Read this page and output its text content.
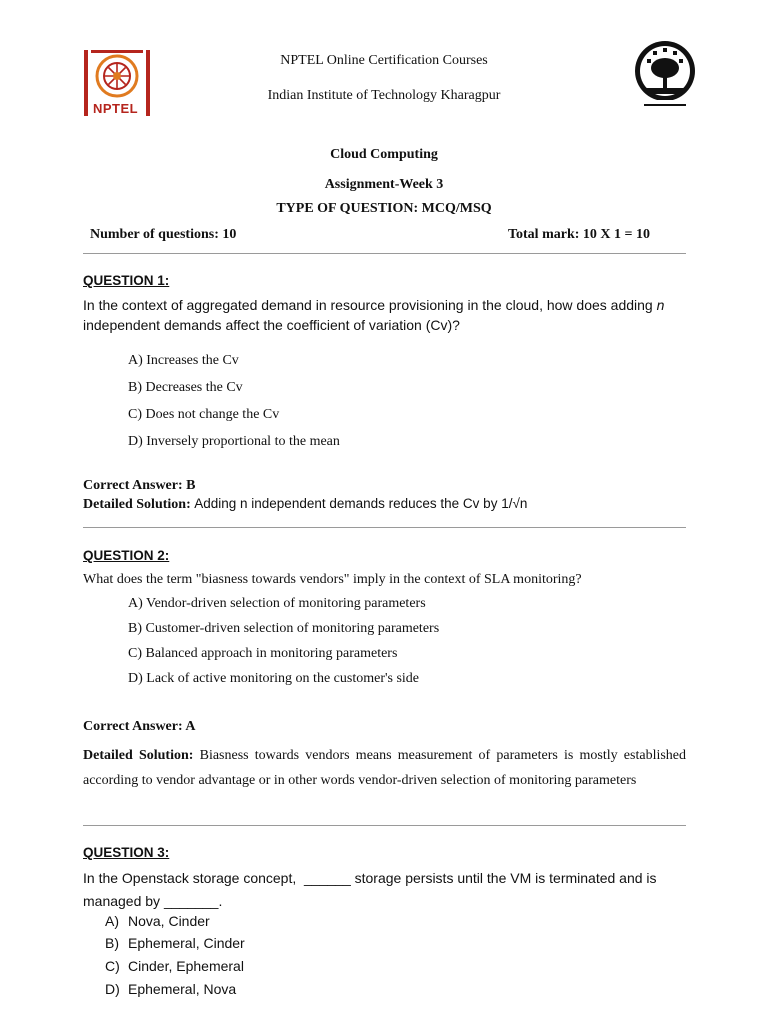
NPTEL
NPTEL Online Certification Courses
Indian Institute of Technology Kharagpur
Cloud Computing
Assignment-Week 3
TYPE OF QUESTION: MCQ/MSQ
Number of questions: 10	Total mark: 10 X 1 = 10
QUESTION 1:
In the context of aggregated demand in resource provisioning in the cloud, how does adding n
independent demands affect the coefficient of variation (Cv)?
A) Increases the Cv
B) Decreases the Cv
C) Does not change the Cv
D) Inversely proportional to the mean
Correct Answer: B
Detailed Solution: Adding n independent demands reduces the Cv by 1/√n
QUESTION 2:
What does the term "biasness towards vendors" imply in the context of SLA monitoring?
A) Vendor-driven selection of monitoring parameters
B) Customer-driven selection of monitoring parameters
C) Balanced approach in monitoring parameters
D) Lack of active monitoring on the customer's side
Correct Answer: A
Detailed Solution: Biasness towards vendors means measurement of parameters is mostly established according to vendor advantage or in other words vendor-driven selection of monitoring parameters
QUESTION 3:
In the Openstack storage concept,  ______ storage persists until the VM is terminated and is
managed by _______.
A) Nova, Cinder
B) Ephemeral, Cinder
C) Cinder, Ephemeral
D) Ephemeral, Nova
